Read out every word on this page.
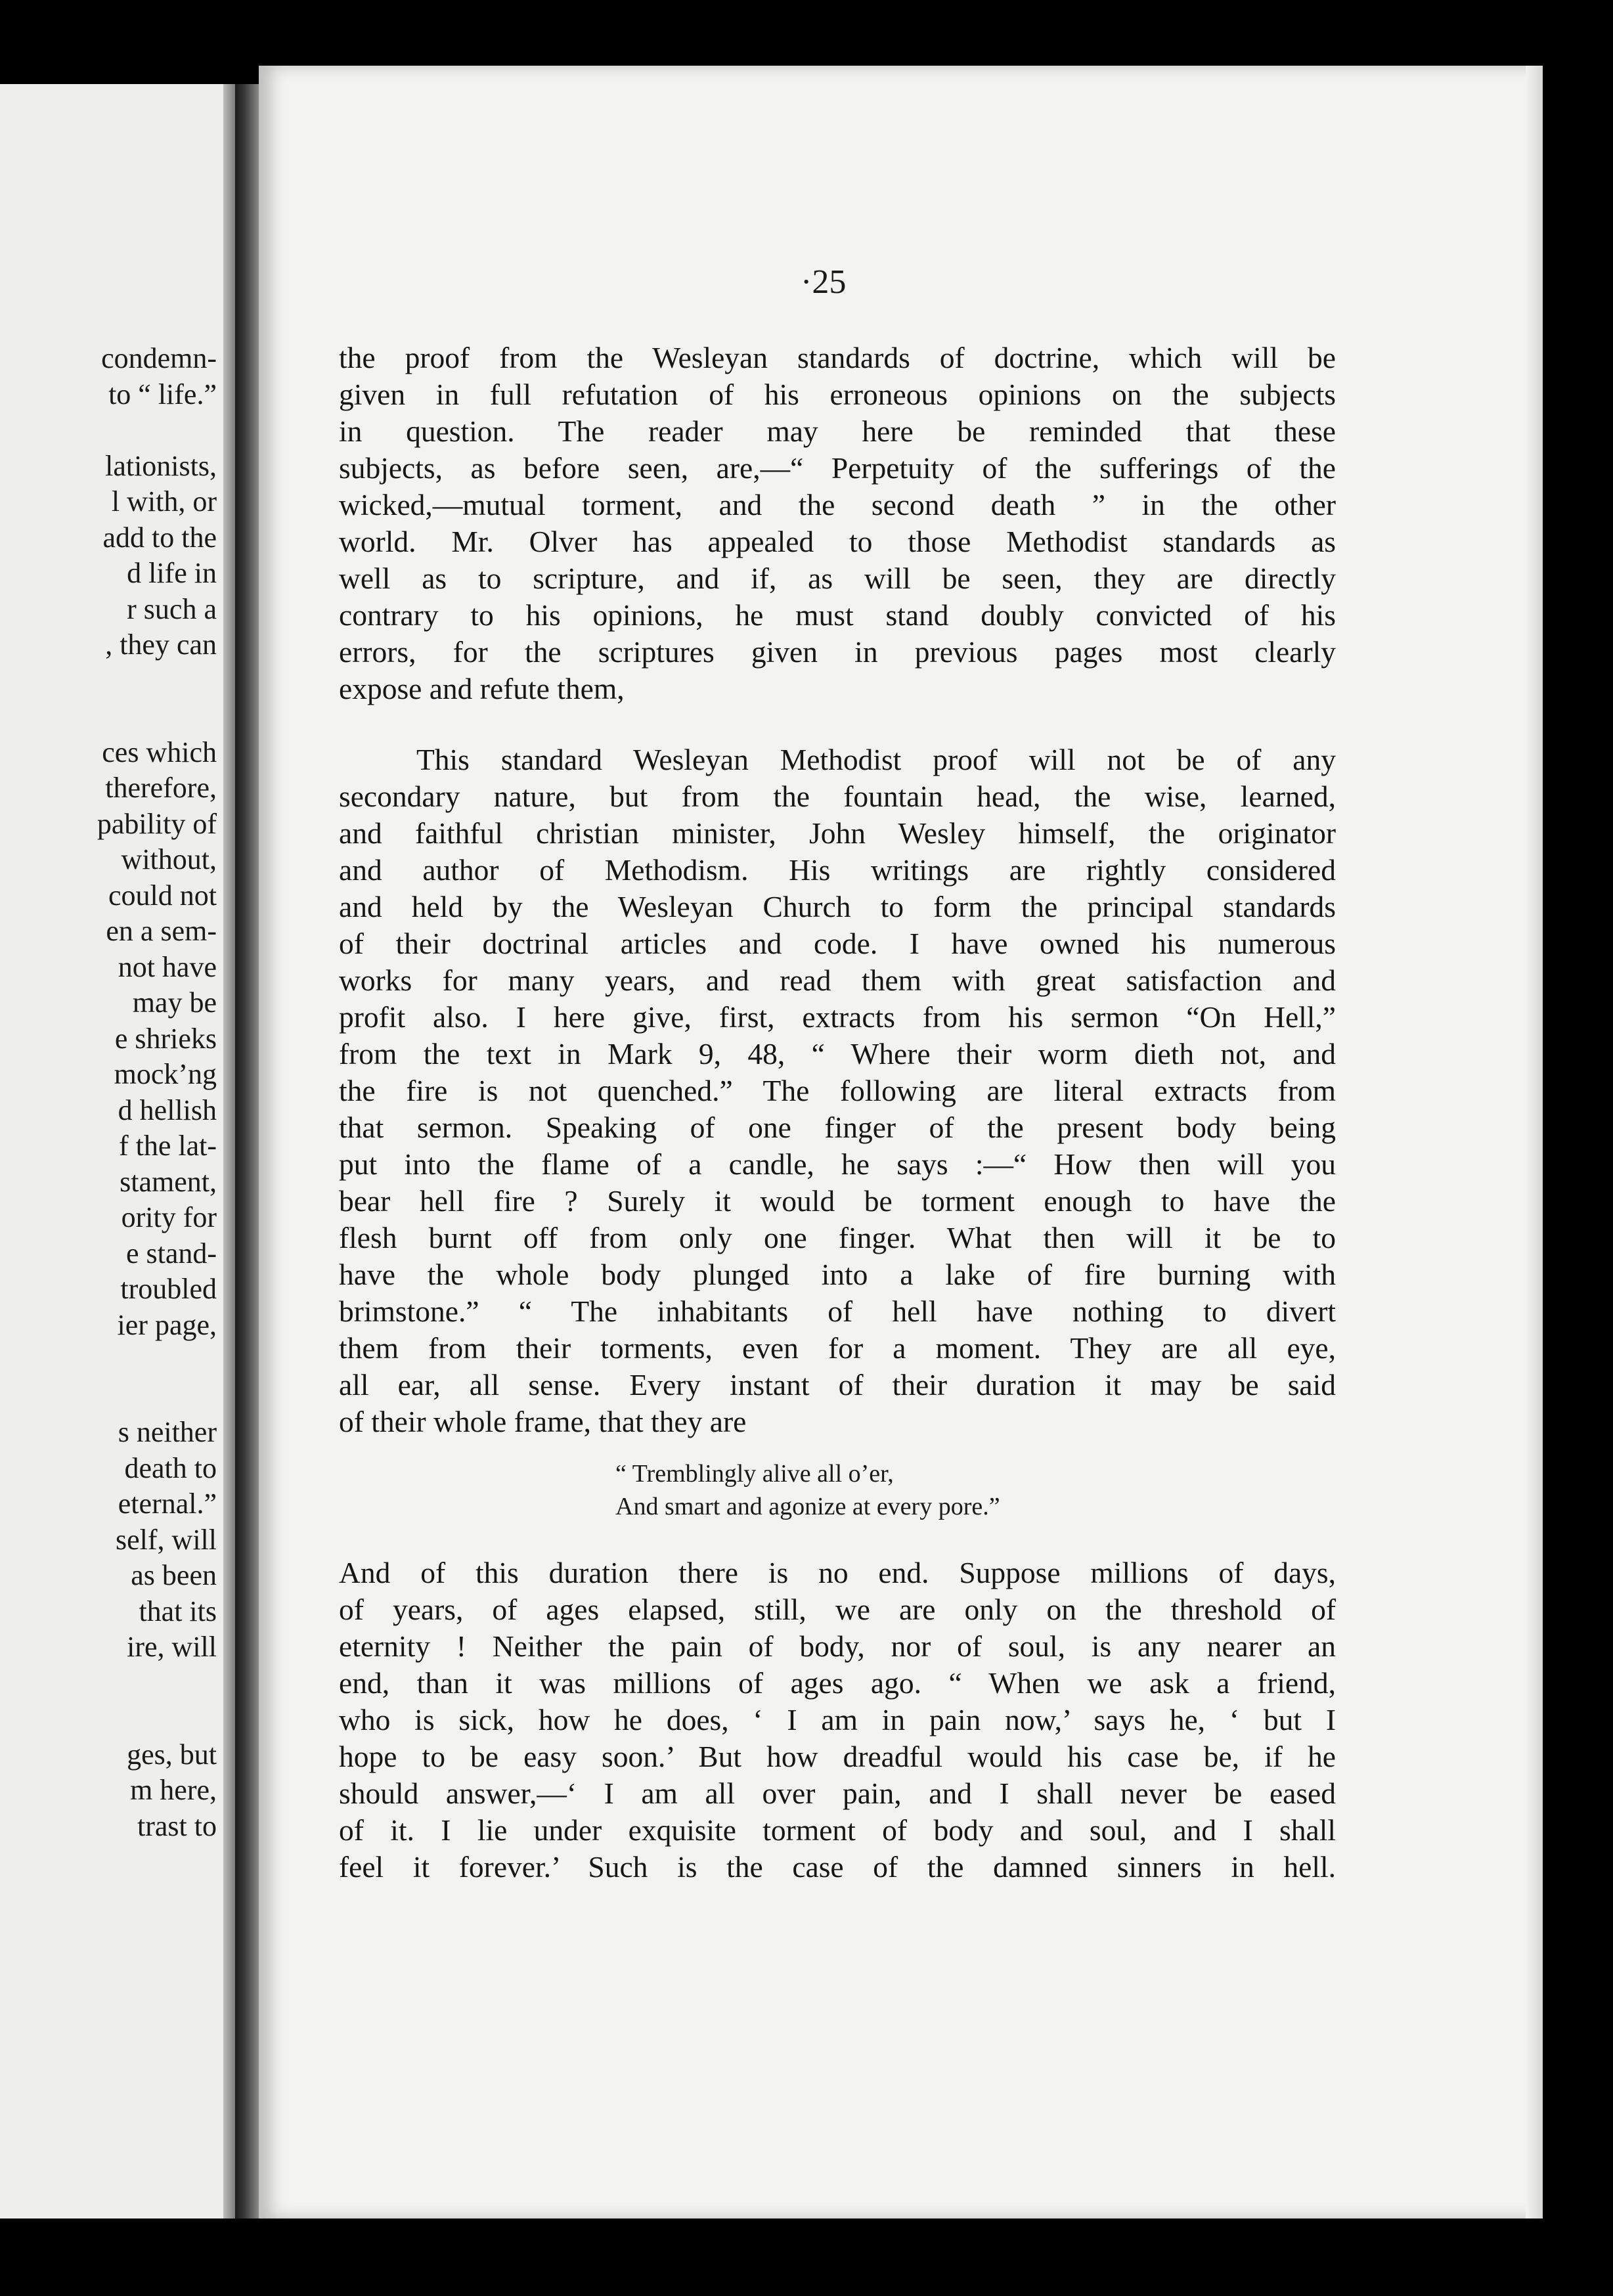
condemn-
to “ life.”
lationists,
l with, or
add to the
d life in
r such a
, they can
ces which
therefore,
pability of
without,
could not
en a sem-
not have
may be
e shrieks
mock’ng
d hellish
f the lat-
stament,
ority for
e stand-
troubled
ier page,
s neither
death to
eternal.”
self, will
as been
that its
ire, will
ges, but
m here,
trast to
·25
the proof from the Wesleyan standards of doctrine, which will be
given in full refutation of his erroneous opinions on the subjects
in question. The reader may here be reminded that these
subjects, as before seen, are,—“ Perpetuity of the sufferings of the
wicked,—mutual torment, and the second death ” in the other
world. Mr. Olver has appealed to those Methodist standards as
well as to scripture, and if, as will be seen, they are directly
contrary to his opinions, he must stand doubly convicted of his
errors, for the scriptures given in previous pages most clearly
expose and refute them,
This standard Wesleyan Methodist proof will not be of any
secondary nature, but from the fountain head, the wise, learned,
and faithful christian minister, John Wesley himself, the originator
and author of Methodism. His writings are rightly considered
and held by the Wesleyan Church to form the principal standards
of their doctrinal articles and code. I have owned his numerous
works for many years, and read them with great satisfaction and
profit also. I here give, first, extracts from his sermon “On Hell,”
from the text in Mark 9, 48, “ Where their worm dieth not, and
the fire is not quenched.” The following are literal extracts from
that sermon. Speaking of one finger of the present body being
put into the flame of a candle, he says :—“ How then will you
bear hell fire ? Surely it would be torment enough to have the
flesh burnt off from only one finger. What then will it be to
have the whole body plunged into a lake of fire burning with
brimstone.” “ The inhabitants of hell have nothing to divert
them from their torments, even for a moment. They are all eye,
all ear, all sense. Every instant of their duration it may be said
of their whole frame, that they are
“ Tremblingly alive all o’er,
And smart and agonize at every pore.”
And of this duration there is no end. Suppose millions of days,
of years, of ages elapsed, still, we are only on the threshold of
eternity ! Neither the pain of body, nor of soul, is any nearer an
end, than it was millions of ages ago. “ When we ask a friend,
who is sick, how he does, ‘ I am in pain now,’ says he, ‘ but I
hope to be easy soon.’ But how dreadful would his case be, if he
should answer,—‘ I am all over pain, and I shall never be eased
of it. I lie under exquisite torment of body and soul, and I shall
feel it forever.’ Such is the case of the damned sinners in hell.
